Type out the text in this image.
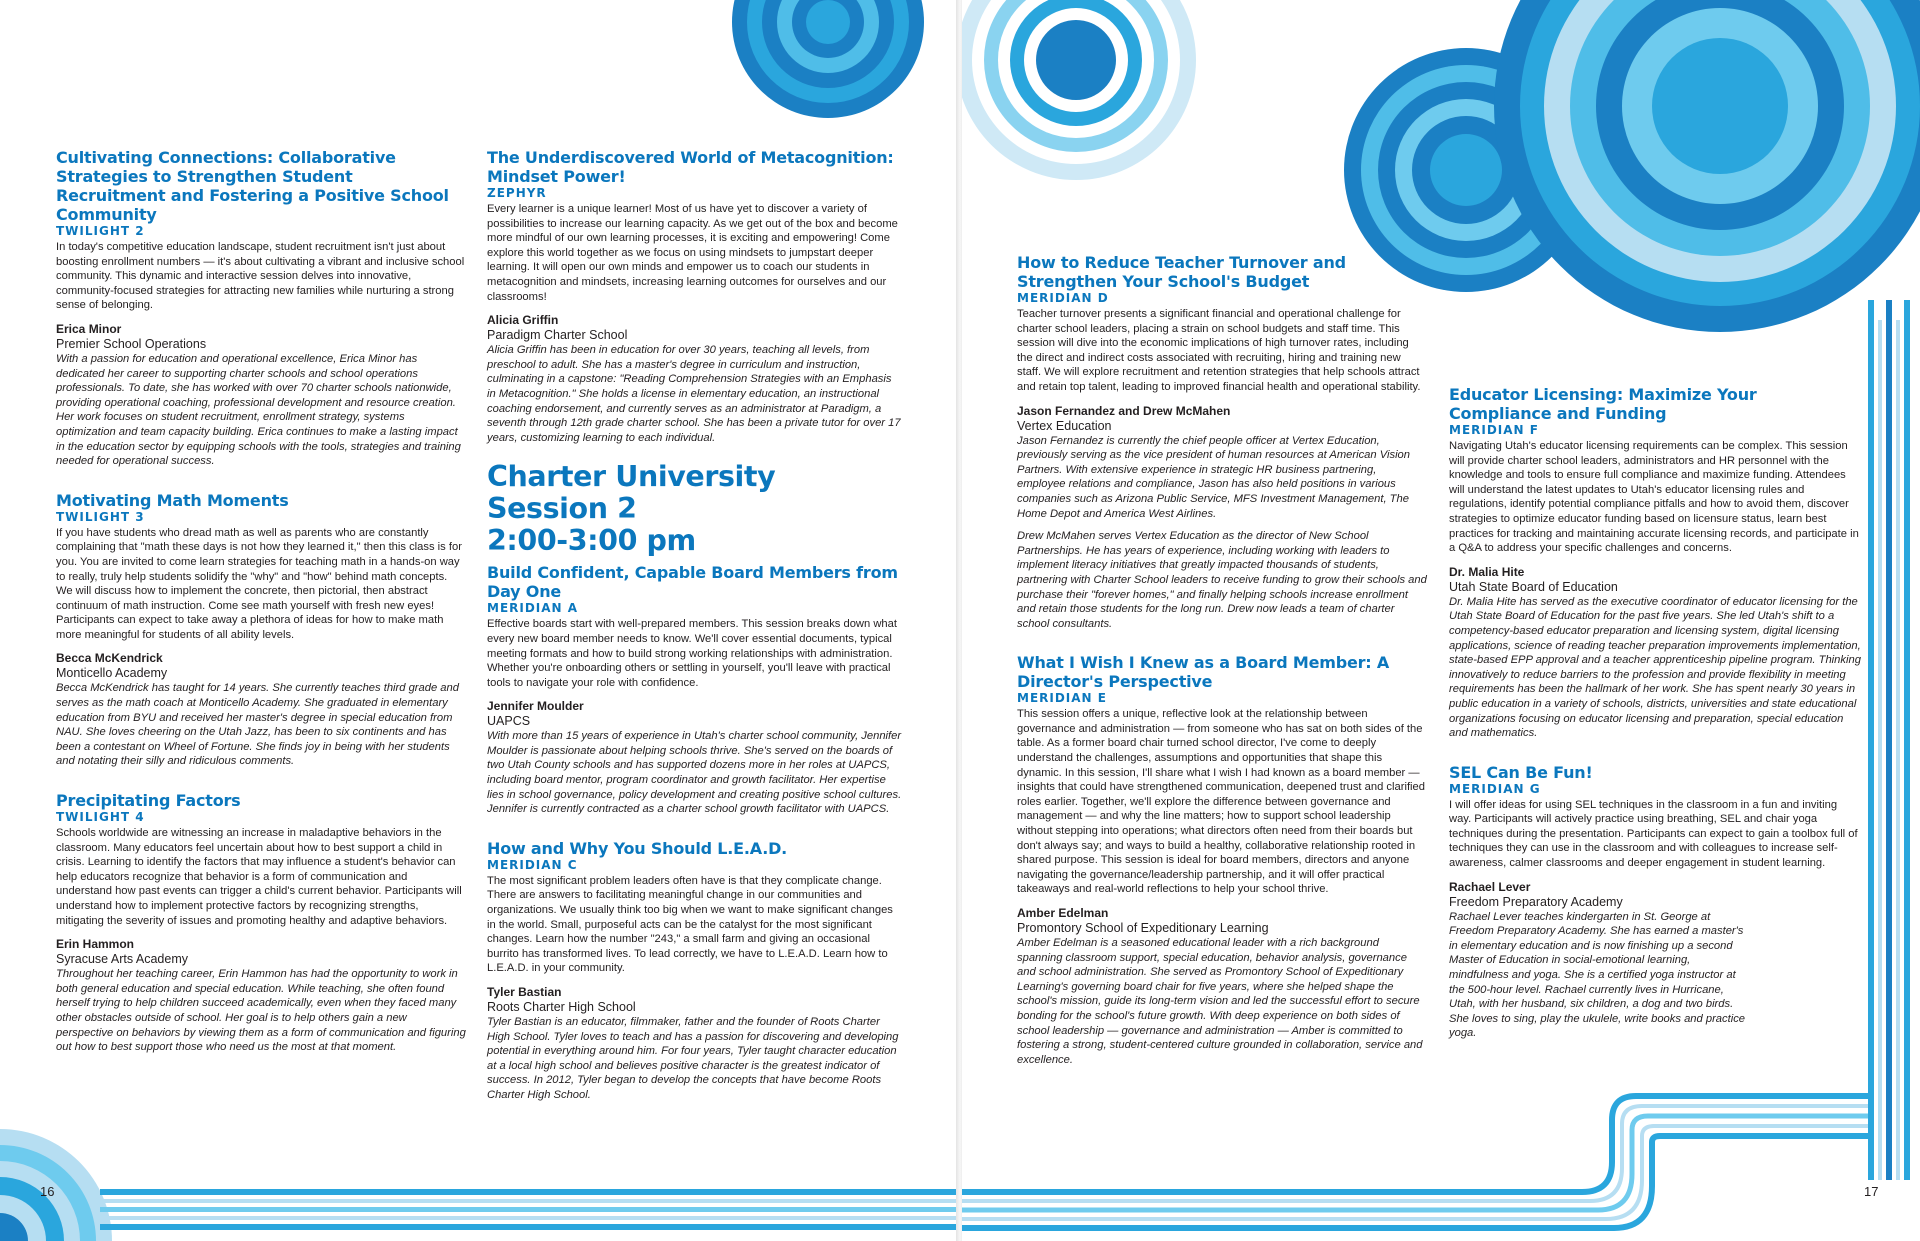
16
Cultivating Connections: Collaborative Strategies to Strengthen Student Recruitment and Fostering a Positive School Community
TWILIGHT 2
In today's competitive education landscape, student recruitment isn't just about boosting enrollment numbers — it's about cultivating a vibrant and inclusive school community. This dynamic and interactive session delves into innovative, community-focused strategies for attracting new families while nurturing a strong sense of belonging.
Erica Minor
Premier School Operations
With a passion for education and operational excellence, Erica Minor has dedicated her career to supporting charter schools and school operations professionals. To date, she has worked with over 70 charter schools nationwide, providing operational coaching, professional development and resource creation. Her work focuses on student recruitment, enrollment strategy, systems optimization and team capacity building. Erica continues to make a lasting impact in the education sector by equipping schools with the tools, strategies and training needed for operational success.
Motivating Math Moments
TWILIGHT 3
If you have students who dread math as well as parents who are constantly complaining that "math these days is not how they learned it," then this class is for you. You are invited to come learn strategies for teaching math in a hands-on way to really, truly help students solidify the "why" and "how" behind math concepts. We will discuss how to implement the concrete, then pictorial, then abstract continuum of math instruction. Come see math yourself with fresh new eyes! Participants can expect to take away a plethora of ideas for how to make math more meaningful for students of all ability levels.
Becca McKendrick
Monticello Academy
Becca McKendrick has taught for 14 years. She currently teaches third grade and serves as the math coach at Monticello Academy. She graduated in elementary education from BYU and received her master's degree in special education from NAU. She loves cheering on the Utah Jazz, has been to six continents and has been a contestant on Wheel of Fortune. She finds joy in being with her students and notating their silly and ridiculous comments.
Precipitating Factors
TWILIGHT 4
Schools worldwide are witnessing an increase in maladaptive behaviors in the classroom. Many educators feel uncertain about how to best support a child in crisis. Learning to identify the factors that may influence a student's behavior can help educators recognize that behavior is a form of communication and understand how past events can trigger a child's current behavior. Participants will understand how to implement protective factors by recognizing strengths, mitigating the severity of issues and promoting healthy and adaptive behaviors.
Erin Hammon
Syracuse Arts Academy
Throughout her teaching career, Erin Hammon has had the opportunity to work in both general education and special education. While teaching, she often found herself trying to help children succeed academically, even when they faced many other obstacles outside of school. Her goal is to help others gain a new perspective on behaviors by viewing them as a form of communication and figuring out how to best support those who need us the most at that moment.
The Underdiscovered World of Metacognition: Mindset Power!
ZEPHYR
Every learner is a unique learner! Most of us have yet to discover a variety of possibilities to increase our learning capacity. As we get out of the box and become more mindful of our own learning processes, it is exciting and empowering! Come explore this world together as we focus on using mindsets to jumpstart deeper learning. It will open our own minds and empower us to coach our students in metacognition and mindsets, increasing learning outcomes for ourselves and our classrooms!
Alicia Griffin
Paradigm Charter School
Alicia Griffin has been in education for over 30 years, teaching all levels, from preschool to adult. She has a master's degree in curriculum and instruction, culminating in a capstone: "Reading Comprehension Strategies with an Emphasis in Metacognition." She holds a license in elementary education, an instructional coaching endorsement, and currently serves as an administrator at Paradigm, a seventh through 12th grade charter school. She has been a private tutor for over 17 years, customizing learning to each individual.
Charter University Session 2
2:00-3:00 pm
Build Confident, Capable Board Members from Day One
MERIDIAN A
Effective boards start with well-prepared members. This session breaks down what every new board member needs to know. We'll cover essential documents, typical meeting formats and how to build strong working relationships with administration. Whether you're onboarding others or settling in yourself, you'll leave with practical tools to navigate your role with confidence.
Jennifer Moulder
UAPCS
With more than 15 years of experience in Utah's charter school community, Jennifer Moulder is passionate about helping schools thrive. She's served on the boards of two Utah County schools and has supported dozens more in her roles at UAPCS, including board mentor, program coordinator and growth facilitator. Her expertise lies in school governance, policy development and creating positive school cultures. Jennifer is currently contracted as a charter school growth facilitator with UAPCS.
How and Why You Should L.E.A.D.
MERIDIAN C
The most significant problem leaders often have is that they complicate change. There are answers to facilitating meaningful change in our communities and organizations. We usually think too big when we want to make significant changes in the world. Small, purposeful acts can be the catalyst for the most significant changes. Learn how the number "243," a small farm and giving an occasional burrito has transformed lives. To lead correctly, we have to L.E.A.D. Learn how to L.E.A.D. in your community.
Tyler Bastian
Roots Charter High School
Tyler Bastian is an educator, filmmaker, father and the founder of Roots Charter High School. Tyler loves to teach and has a passion for discovering and developing potential in everything around him. For four years, Tyler taught character education at a local high school and believes positive character is the greatest indicator of success. In 2012, Tyler began to develop the concepts that have become Roots Charter High School.
17
How to Reduce Teacher Turnover and Strengthen Your School's Budget
MERIDIAN D
Teacher turnover presents a significant financial and operational challenge for charter school leaders, placing a strain on school budgets and staff time. This session will dive into the economic implications of high turnover rates, including the direct and indirect costs associated with recruiting, hiring and training new staff. We will explore recruitment and retention strategies that help schools attract and retain top talent, leading to improved financial health and operational stability.
Jason Fernandez and Drew McMahen
Vertex Education
Jason Fernandez is currently the chief people officer at Vertex Education, previously serving as the vice president of human resources at American Vision Partners. With extensive experience in strategic HR business partnering, employee relations and compliance, Jason has also held positions in various companies such as Arizona Public Service, MFS Investment Management, The Home Depot and America West Airlines.
Drew McMahen serves Vertex Education as the director of New School Partnerships. He has years of experience, including working with leaders to implement literacy initiatives that greatly impacted thousands of students, partnering with Charter School leaders to receive funding to grow their schools and purchase their "forever homes," and finally helping schools increase enrollment and retain those students for the long run. Drew now leads a team of charter school consultants.
What I Wish I Knew as a Board Member: A Director's Perspective
MERIDIAN E
This session offers a unique, reflective look at the relationship between governance and administration — from someone who has sat on both sides of the table. As a former board chair turned school director, I've come to deeply understand the challenges, assumptions and opportunities that shape this dynamic. In this session, I'll share what I wish I had known as a board member — insights that could have strengthened communication, deepened trust and clarified roles earlier. Together, we'll explore the difference between governance and management — and why the line matters; how to support school leadership without stepping into operations; what directors often need from their boards but don't always say; and ways to build a healthy, collaborative relationship rooted in shared purpose. This session is ideal for board members, directors and anyone navigating the governance/leadership partnership, and it will offer practical takeaways and real-world reflections to help your school thrive.
Amber Edelman
Promontory School of Expeditionary Learning
Amber Edelman is a seasoned educational leader with a rich background spanning classroom support, special education, behavior analysis, governance and school administration. She served as Promontory School of Expeditionary Learning's governing board chair for five years, where she helped shape the school's mission, guide its long-term vision and led the successful effort to secure bonding for the school's future growth. With deep experience on both sides of school leadership — governance and administration — Amber is committed to fostering a strong, student-centered culture grounded in collaboration, service and excellence.
Educator Licensing: Maximize Your Compliance and Funding
MERIDIAN F
Navigating Utah's educator licensing requirements can be complex. This session will provide charter school leaders, administrators and HR personnel with the knowledge and tools to ensure full compliance and maximize funding. Attendees will understand the latest updates to Utah's educator licensing rules and regulations, identify potential compliance pitfalls and how to avoid them, discover strategies to optimize educator funding based on licensure status, learn best practices for tracking and maintaining accurate licensing records, and participate in a Q&A to address your specific challenges and concerns.
Dr. Malia Hite
Utah State Board of Education
Dr. Malia Hite has served as the executive coordinator of educator licensing for the Utah State Board of Education for the past five years. She led Utah's shift to a competency-based educator preparation and licensing system, digital licensing applications, science of reading teacher preparation improvements implementation, state-based EPP approval and a teacher apprenticeship pipeline program. Thinking innovatively to reduce barriers to the profession and provide flexibility in meeting requirements has been the hallmark of her work. She has spent nearly 30 years in public education in a variety of schools, districts, universities and state educational organizations focusing on educator licensing and preparation, special education and mathematics.
SEL Can Be Fun!
MERIDIAN G
I will offer ideas for using SEL techniques in the classroom in a fun and inviting way. Participants will actively practice using breathing, SEL and chair yoga techniques during the presentation. Participants can expect to gain a toolbox full of techniques they can use in the classroom and with colleagues to increase self-awareness, calmer classrooms and deeper engagement in student learning.
Rachael Lever
Freedom Preparatory Academy
Rachael Lever teaches kindergarten in St. George at Freedom Preparatory Academy. She has earned a master's in elementary education and is now finishing up a second Master of Education in social-emotional learning, mindfulness and yoga. She is a certified yoga instructor at the 500-hour level. Rachael currently lives in Hurricane, Utah, with her husband, six children, a dog and two birds. She loves to sing, play the ukulele, write books and practice yoga.
